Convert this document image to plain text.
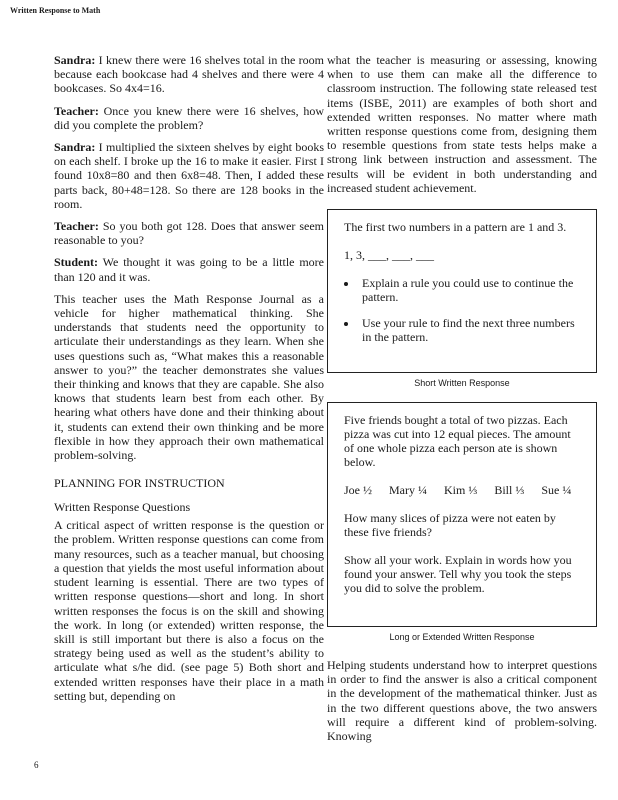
Written Response to Math

Sandra: I knew there were 16 shelves total in the room because each bookcase had 4 shelves and there were 4 bookcases. So 4x4=16.

Teacher: Once you knew there were 16 shelves, how did you complete the problem?

Sandra: I multiplied the sixteen shelves by eight books on each shelf. I broke up the 16 to make it easier. First I found 10x8=80 and then 6x8=48. Then, I added these parts back, 80+48=128. So there are 128 books in the room.

Teacher: So you both got 128. Does that answer seem reasonable to you?

Student: We thought it was going to be a little more than 120 and it was.

This teacher uses the Math Response Journal as a vehicle for higher mathematical thinking. She understands that students need the opportunity to articulate their understandings as they learn. When she uses questions such as, “What makes this a reasonable answer to you?” the teacher demonstrates she values their thinking and knows that they are capable. She also knows that students learn best from each other. By hearing what others have done and their thinking about it, students can extend their own thinking and be more flexible in how they approach their own mathematical problem-solving.

PLANNING FOR INSTRUCTION
Written Response Questions

A critical aspect of written response is the question or the problem. Written response questions can come from many resources, such as a teacher manual, but choosing a question that yields the most useful information about student learning is essential. There are two types of written response questions—short and long. In short written responses the focus is on the skill and showing the work. In long (or extended) written response, the skill is still important but there is also a focus on the strategy being used as well as the student’s ability to articulate what s/he did. (see page 5) Both short and extended written responses have their place in a math setting but, depending on

what the teacher is measuring or assessing, knowing when to use them can make all the difference to classroom instruction. The following state released test items (ISBE, 2011) are examples of both short and extended written responses. No matter where math written response questions come from, designing them to resemble questions from state tests helps make a strong link between instruction and assessment. The results will be evident in both understanding and increased student achievement.

The first two numbers in a pattern are 1 and 3.
1, 3, ___, ___, ___
• Explain a rule you could use to continue the pattern.
• Use your rule to find the next three numbers in the pattern.
Short Written Response
Five friends bought a total of two pizzas. Each pizza was cut into 12 equal pieces. The amount of one whole pizza each person ate is shown below.
Joe ½ Mary ¼ Kim ⅓ Bill ⅓ Sue ¼
How many slices of pizza were not eaten by these five friends?
Show all your work. Explain in words how you found your answer. Tell why you took the steps you did to solve the problem.
Long or Extended Written Response

Helping students understand how to interpret questions in order to find the answer is also a critical component in the development of the mathematical thinker. Just as in the two different questions above, the two answers will require a different kind of problem-solving. Knowing

6
